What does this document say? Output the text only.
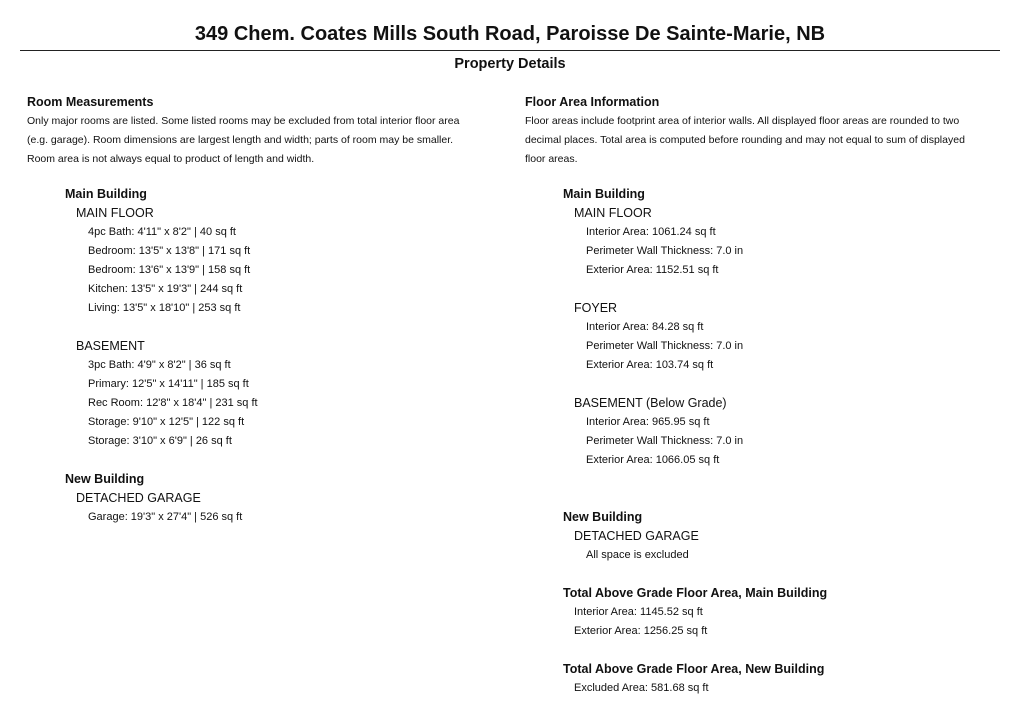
349 Chem. Coates Mills South Road, Paroisse De Sainte-Marie, NB
Property Details
Room Measurements
Only major rooms are listed. Some listed rooms may be excluded from total interior floor area
(e.g. garage). Room dimensions are largest length and width; parts of room may be smaller.
Room area is not always equal to product of length and width.
Main Building
MAIN FLOOR
4pc Bath: 4'11" x 8'2" | 40 sq ft
Bedroom: 13'5" x 13'8" | 171 sq ft
Bedroom: 13'6" x 13'9" | 158 sq ft
Kitchen: 13'5" x 19'3" | 244 sq ft
Living: 13'5" x 18'10" | 253 sq ft
BASEMENT
3pc Bath: 4'9" x 8'2" | 36 sq ft
Primary: 12'5" x 14'11" | 185 sq ft
Rec Room: 12'8" x 18'4" | 231 sq ft
Storage: 9'10" x 12'5" | 122 sq ft
Storage: 3'10" x 6'9" | 26 sq ft
New Building
DETACHED GARAGE
Garage: 19'3" x 27'4" | 526 sq ft
Floor Area Information
Floor areas include footprint area of interior walls. All displayed floor areas are rounded to two
decimal places. Total area is computed before rounding and may not equal to sum of displayed
floor areas.
Main Building
MAIN FLOOR
Interior Area: 1061.24 sq ft
Perimeter Wall Thickness: 7.0 in
Exterior Area: 1152.51 sq ft
FOYER
Interior Area: 84.28 sq ft
Perimeter Wall Thickness: 7.0 in
Exterior Area: 103.74 sq ft
BASEMENT (Below Grade)
Interior Area: 965.95 sq ft
Perimeter Wall Thickness: 7.0 in
Exterior Area: 1066.05 sq ft
New Building
DETACHED GARAGE
All space is excluded
Total Above Grade Floor Area, Main Building
Interior Area: 1145.52 sq ft
Exterior Area: 1256.25 sq ft
Total Above Grade Floor Area, New Building
Excluded Area: 581.68 sq ft
